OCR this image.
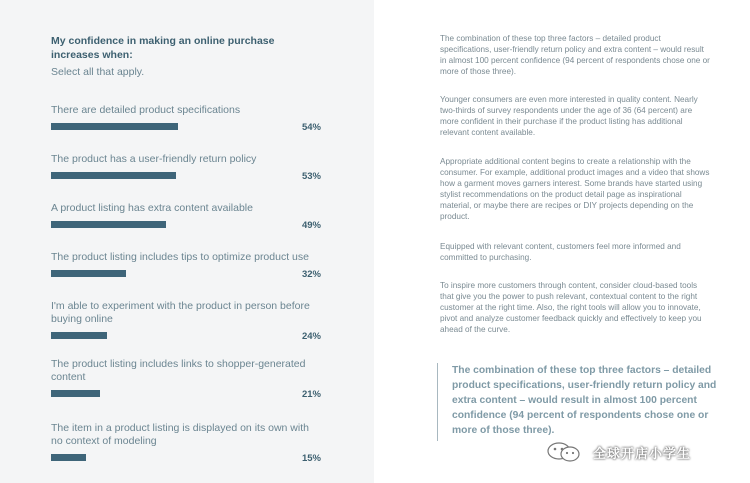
My confidence in making an online purchase increases when:
Select all that apply.
There are detailed product specifications
54%
The product has a user-friendly return policy
53%
A product listing has extra content available
49%
The product listing includes tips to optimize product use
32%
I'm able to experiment with the product in person before buying online
24%
The product listing includes links to shopper-generated content
21%
The item in a product listing is displayed on its own with no context of modeling
15%
The combination of these top three factors – detailed product specifications, user-friendly return policy and extra content – would result in almost 100 percent confidence (94 percent of respondents chose one or more of those three).
Younger consumers are even more interested in quality content. Nearly two-thirds of survey respondents under the age of 36 (64 percent) are more confident in their purchase if the product listing has additional relevant content available.
Appropriate additional content begins to create a relationship with the consumer. For example, additional product images and a video that shows how a garment moves garners interest. Some brands have started using stylist recommendations on the product detail page as inspirational material, or maybe there are recipes or DIY projects depending on the product.
Equipped with relevant content, customers feel more informed and committed to purchasing.
To inspire more customers through content, consider cloud-based tools that give you the power to push relevant, contextual content to the right customer at the right time. Also, the right tools will allow you to innovate, pivot and analyze customer feedback quickly and effectively to keep you ahead of the curve.
The combination of these top three factors – detailed product specifications, user-friendly return policy and extra content – would result in almost 100 percent confidence (94 percent of respondents chose one or more of those three).
全球开店小学生
